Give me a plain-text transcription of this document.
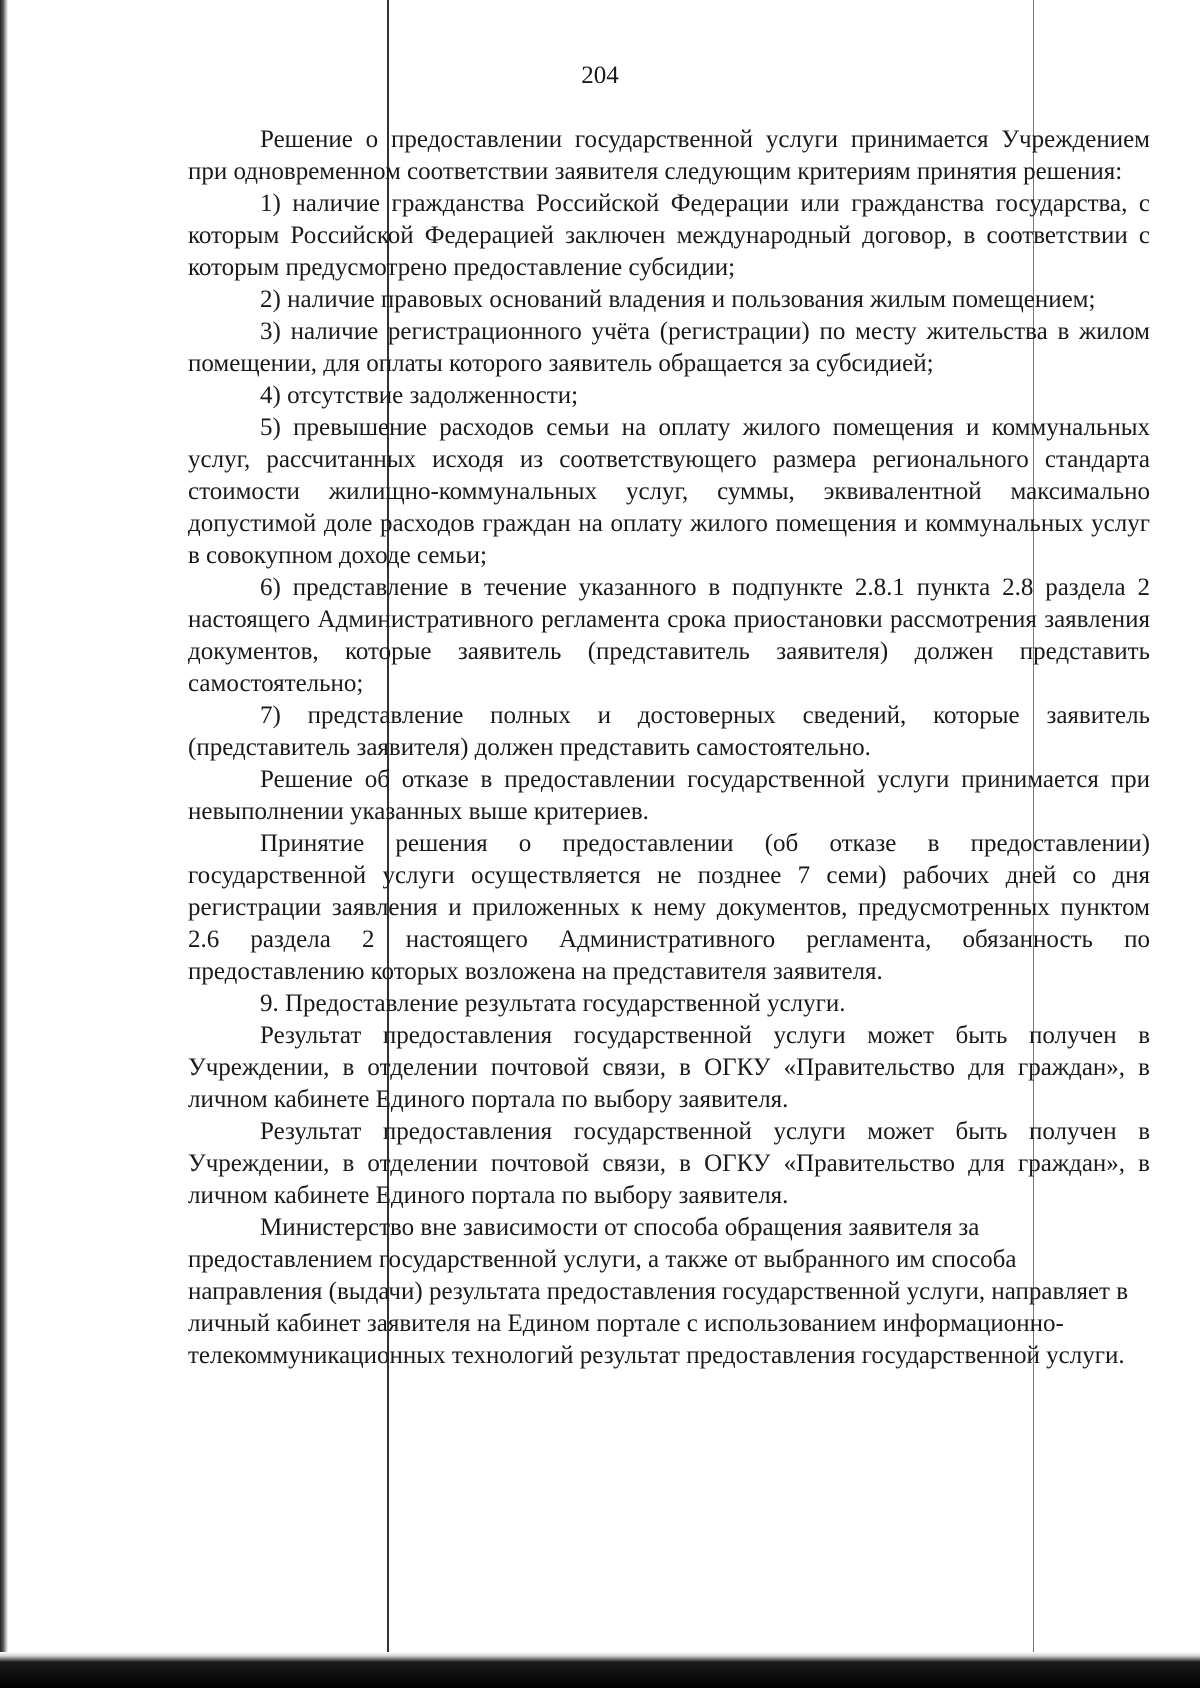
204

Решение о предоставлении государственной услуги принимается Учреждением при одновременном соответствии заявителя следующим критериям принятия решения:

1) наличие гражданства Российской Федерации или гражданства государства, с которым Российской Федерацией заключен международный договор, в соответствии с которым предусмотрено предоставление субсидии;

2) наличие правовых оснований владения и пользования жилым помещением;

3) наличие регистрационного учёта (регистрации) по месту жительства в жилом помещении, для оплаты которого заявитель обращается за субсидией;

4) отсутствие задолженности;

5) превышение расходов семьи на оплату жилого помещения и коммунальных услуг, рассчитанных исходя из соответствующего размера регионального стандарта стоимости жилищно-коммунальных услуг, суммы, эквивалентной максимально допустимой доле расходов граждан на оплату жилого помещения и коммунальных услуг в совокупном доходе семьи;

6) представление в течение указанного в подпункте 2.8.1 пункта 2.8 раздела 2 настоящего Административного регламента срока приостановки рассмотрения заявления документов, которые заявитель (представитель заявителя) должен представить самостоятельно;

7) представление полных и достоверных сведений, которые заявитель (представитель заявителя) должен представить самостоятельно.

Решение об отказе в предоставлении государственной услуги принимается при невыполнении указанных выше критериев.

Принятие решения о предоставлении (об отказе в предоставлении) государственной услуги осуществляется не позднее 7 семи) рабочих дней со дня регистрации заявления и приложенных к нему документов, предусмотренных пунктом 2.6 раздела 2 настоящего Административного регламента, обязанность по предоставлению которых возложена на представителя заявителя.

9. Предоставление результата государственной услуги.

Результат предоставления государственной услуги может быть получен в Учреждении, в отделении почтовой связи, в ОГКУ «Правительство для граждан», в личном кабинете Единого портала по выбору заявителя.

Результат предоставления государственной услуги может быть получен в Учреждении, в отделении почтовой связи, в ОГКУ «Правительство для граждан», в личном кабинете Единого портала по выбору заявителя.

Министерство вне зависимости от способа обращения заявителя за предоставлением государственной услуги, а также от выбранного им способа направления (выдачи) результата предоставления государственной услуги, направляет в личный кабинет заявителя на Едином портале с использованием информационно-телекоммуникационных технологий результат предоставления государственной услуги.
